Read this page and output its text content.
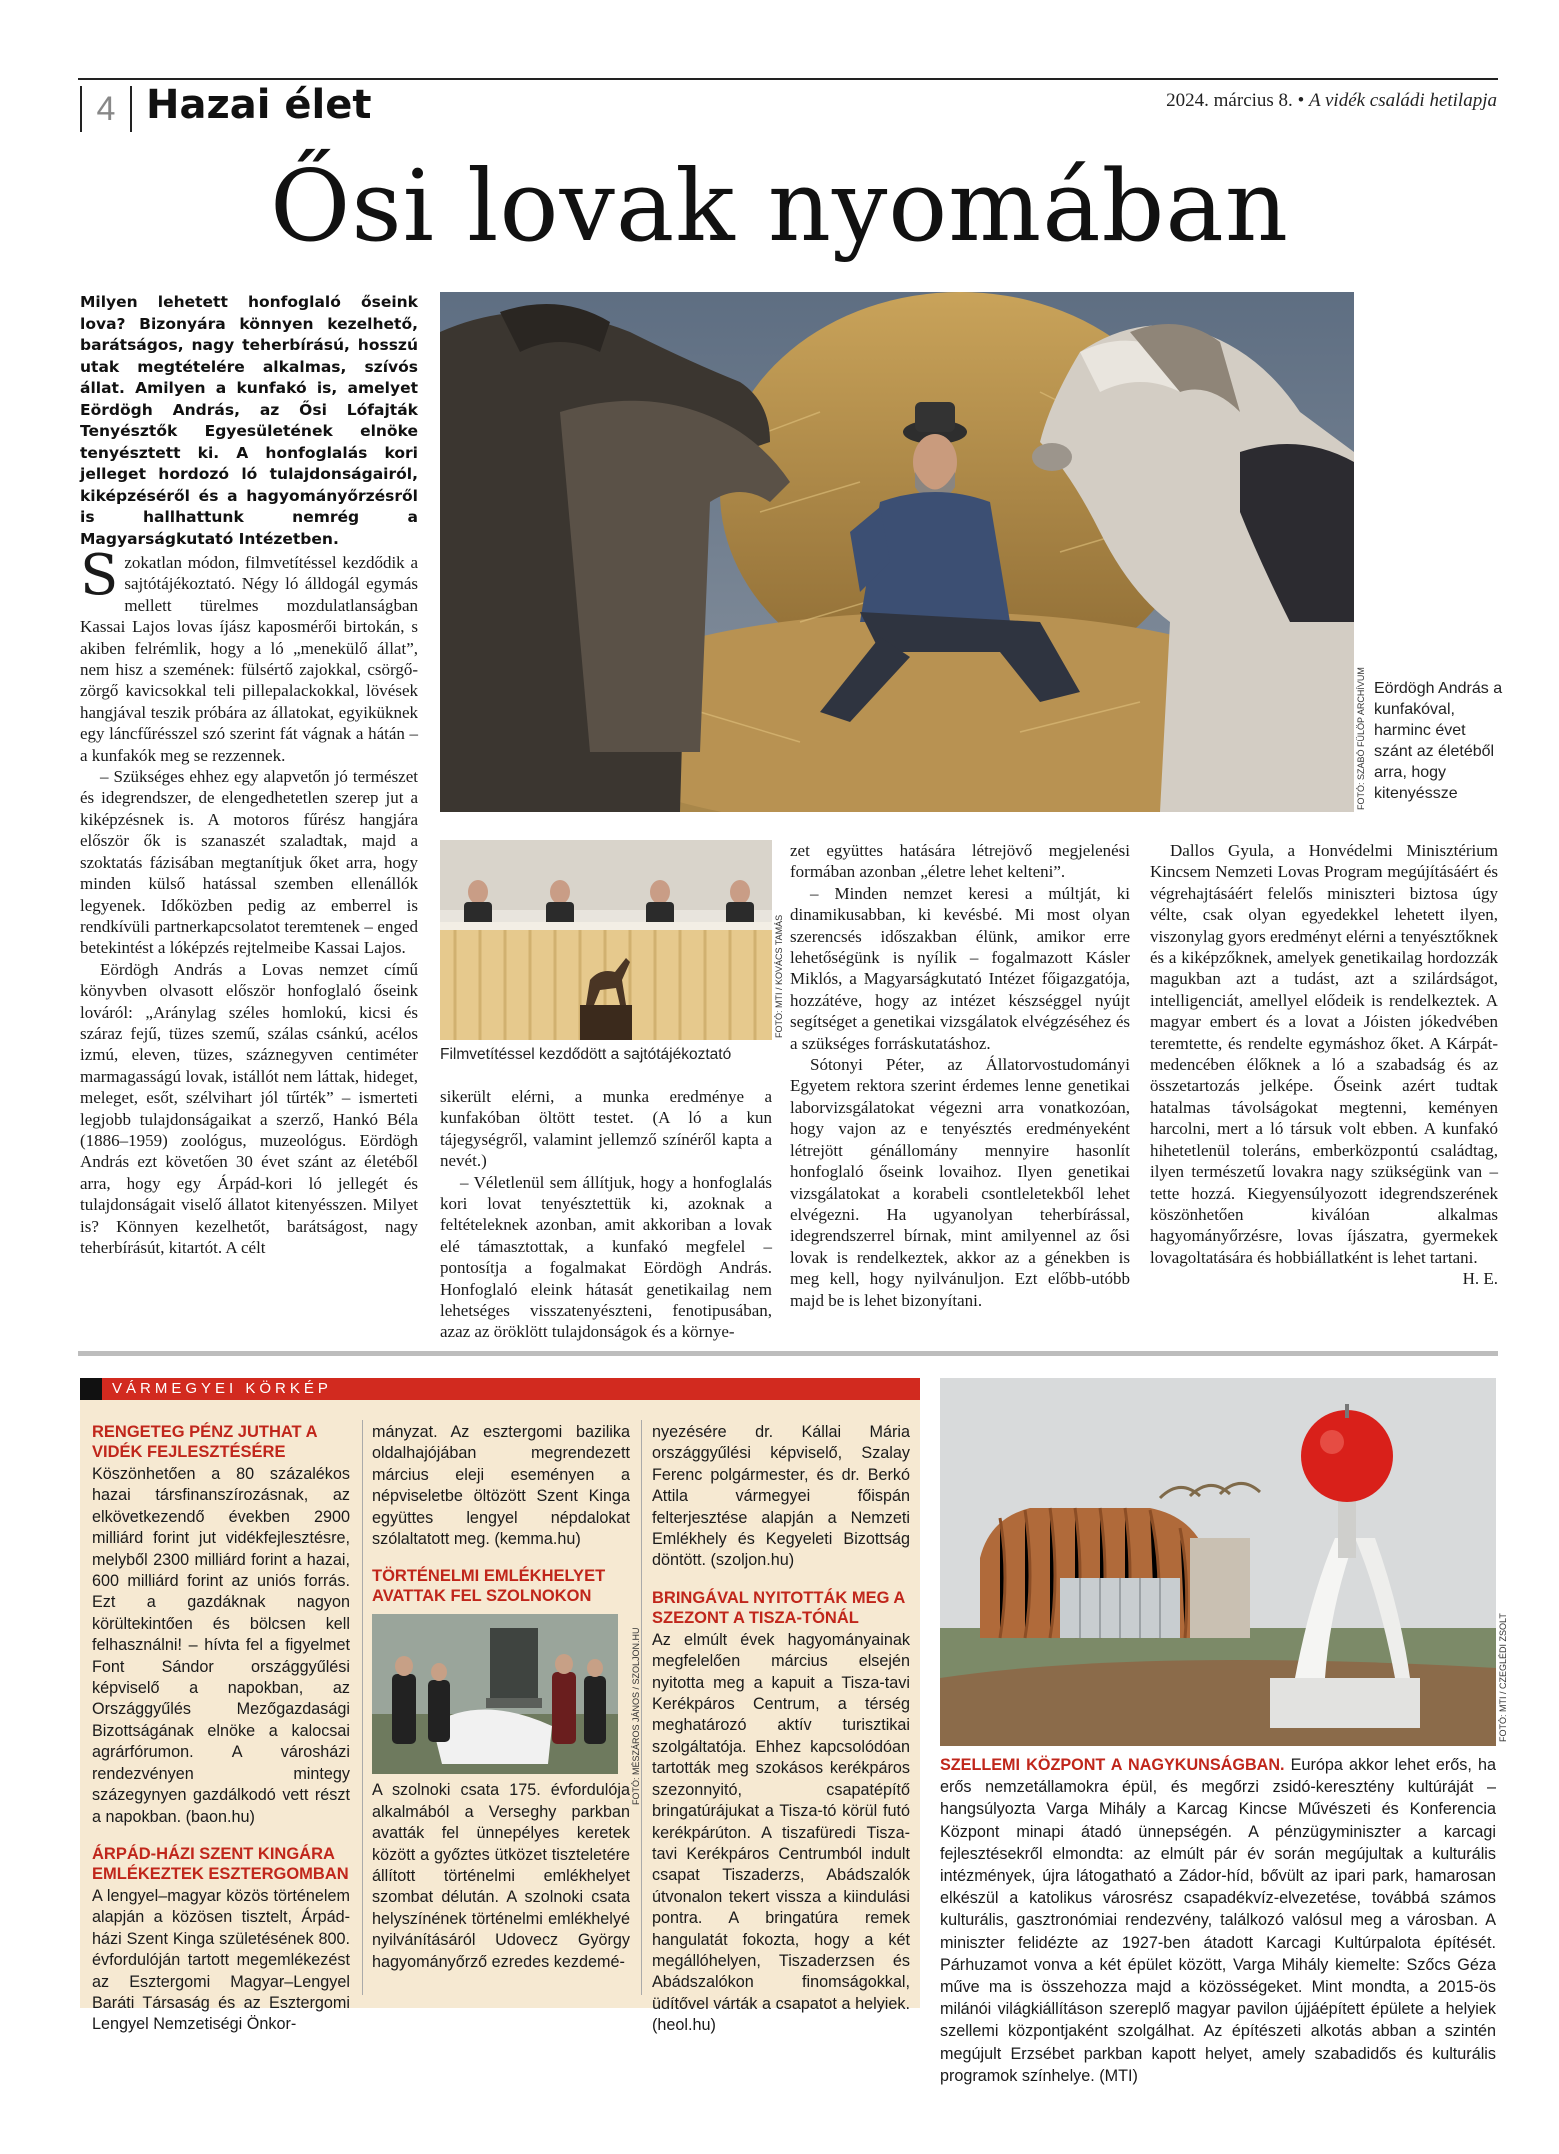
4 Hazai élet	2024. március 8. • A vidék családi hetilapja
Ősi lovak nyomában
Milyen lehetett honfoglaló őseink lova? Bizonyára könnyen kezelhető, barátságos, nagy teherbírású, hosszú utak megtételére alkalmas, szívós állat. Amilyen a kunfakó is, amelyet Eördögh András, az Ősi Lófajták Tenyésztők Egyesületének elnöke tenyésztett ki. A honfoglalás kori jelleget hordozó ló tulajdonságairól, kiképzéséről és a hagyományőrzésről is hallhattunk nemrég a Magyarságkutató Intézetben.
FOTÓ: SZABÓ FÜLÖP ARCHÍVUM Eördögh András a kunfakóval, harminc évet szánt az életéből arra, hogy kitenyéssze
FOTÓ: MTI / KOVÁCS TAMÁS
Filmvetítéssel kezdődött a sajtótájékoztató

Szokatlan módon, filmvetítéssel kezdődik a sajtótájékoztató. Négy ló álldogál egymás mellett türelmes mozdulatlanságban Kassai Lajos lovas íjász kaposmérői birtokán, s akiben felrémlik, hogy a ló „menekülő állat”, nem hisz a szemének: fülsértő zajokkal, csörgő-zörgő kavicsokkal teli pillepalackokkal, lövések hangjával teszik próbára az állatokat, egyiküknek egy láncfűrésszel szó szerint fát vágnak a hátán – a kunfakók meg se rezzennek.

– Szükséges ehhez egy alapvetőn jó természet és idegrendszer, de elengedhetetlen szerep jut a kiképzésnek is. A motoros fűrész hangjára először ők is szanaszét szaladtak, majd a szoktatás fázisában megtanítjuk őket arra, hogy minden külső hatással szemben ellenállók legyenek. Időközben pedig az emberrel is rendkívüli partnerkapcsolatot teremtenek – enged betekintést a lóképzés rejtelmeibe Kassai Lajos.

Eördögh András a Lovas nemzet című könyvben olvasott először honfoglaló őseink lováról: „Aránylag széles homlokú, kicsi és száraz fejű, tüzes szemű, szálas csánkú, acélos izmú, eleven, tüzes, száznegyven centiméter marmagasságú lovak, istállót nem láttak, hideget, meleget, esőt, szélvihart jól tűrték” – ismerteti legjobb tulajdonságaikat a szerző, Hankó Béla (1886–1959) zoológus, muzeológus. Eördögh András ezt követően 30 évet szánt az életéből arra, hogy egy Árpád-kori ló jellegét és tulajdonságait viselő állatot kitenyésszen. Milyet is? Könnyen kezelhetőt, barátságost, nagy teherbírásút, kitartót. A célt

sikerült elérni, a munka eredménye a kunfakóban öltött testet. (A ló a kun tájegységről, valamint jellemző színéről kapta a nevét.)

– Véletlenül sem állítjuk, hogy a honfoglalás kori lovat tenyésztettük ki, azoknak a feltételeknek azonban, amit akkoriban a lovak elé támasztottak, a kunfakó megfelel – pontosítja a fogalmakat Eördögh András. Honfoglaló eleink hátasát genetikailag nem lehetséges visszatenyészteni, fenotipusában, azaz az öröklött tulajdonságok és a környe-

zet együttes hatására létrejövő megjelenési formában azonban „életre lehet kelteni”.

– Minden nemzet keresi a múltját, ki dinamikusabban, ki kevésbé. Mi most olyan szerencsés időszakban élünk, amikor erre lehetőségünk is nyílik – fogalmazott Kásler Miklós, a Magyarságkutató Intézet főigazgatója, hozzátéve, hogy az intézet készséggel nyújt segítséget a genetikai vizsgálatok elvégzéséhez és a szükséges forráskutatáshoz.

Sótonyi Péter, az Állatorvostudományi Egyetem rektora szerint érdemes lenne genetikai laborvizsgálatokat végezni arra vonatkozóan, hogy vajon az e tenyésztés eredményeként létrejött génállomány mennyire hasonlít honfoglaló őseink lovaihoz. Ilyen genetikai vizsgálatokat a korabeli csontleletekből lehet elvégezni. Ha ugyanolyan teherbírással, idegrendszerrel bírnak, mint amilyennel az ősi lovak is rendelkeztek, akkor az a génekben is meg kell, hogy nyilvánuljon. Ezt előbb-utóbb majd be is lehet bizonyítani.

Dallos Gyula, a Honvédelmi Minisztérium Kincsem Nemzeti Lovas Program megújításáért és végrehajtásáért felelős miniszteri biztosa úgy vélte, csak olyan egyedekkel lehetett ilyen, viszonylag gyors eredményt elérni a tenyésztőknek és a kiképzőknek, amelyek genetikailag hordozzák magukban azt a tudást, azt a szilárdságot, intelligenciát, amellyel elődeik is rendelkeztek. A magyar embert és a lovat a Jóisten jókedvében teremtette, és rendelte egymáshoz őket. A Kárpát-medencében élőknek a ló a szabadság és az összetartozás jelképe. Őseink azért tudtak hatalmas távolságokat megtenni, keményen harcolni, mert a ló társuk volt ebben. A kunfakó hihetetlenül toleráns, emberközpontú családtag, ilyen természetű lovakra nagy szükségünk van – tette hozzá. Kiegyensúlyozott idegrendszerének köszönhetően kiválóan alkalmas hagyományőrzésre, lovas íjászatra, gyermekek lovagoltatására és hobbiállatként is lehet tartani.
H. E.

VÁRMEGYEI KÖRKÉP
RENGETEG PÉNZ JUTHAT A VIDÉK FEJLESZTÉSÉRE
Köszönhetően a 80 százalékos hazai társfinanszírozásnak, az elkövetkezendő években 2900 milliárd forint jut vidékfejlesztésre, melyből 2300 milliárd forint a hazai, 600 milliárd forint az uniós forrás. Ezt a gazdáknak nagyon körültekintően és bölcsen kell felhasználni! – hívta fel a figyelmet Font Sándor országgyűlési képviselő a napokban, az Országgyűlés Mezőgazdasági Bizottságának elnöke a kalocsai agrárfórumon. A városházi rendezvényen mintegy százegynyen gazdálkodó vett részt a napokban. (baon.hu)
ÁRPÁD-HÁZI SZENT KINGÁRA EMLÉKEZTEK ESZTERGOMBAN
A lengyel–magyar közös történelem alapján a közösen tisztelt, Árpád-házi Szent Kinga születésének 800. évfordulóján tartott megemlékezést az Esztergomi Magyar–Lengyel Baráti Társaság és az Esztergomi Lengyel Nemzetiségi Önkor-
mányzat. Az esztergomi bazilika oldalhajójában megrendezett március eleji eseményen a népviseletbe öltözött Szent Kinga együttes lengyel népdalokat szólaltatott meg. (kemma.hu)
TÖRTÉNELMI EMLÉKHELYET AVATTAK FEL SZOLNOKON
A szolnoki csata 175. évfordulója alkalmából a Verseghy parkban avatták fel ünnepélyes keretek között a győztes ütközet tiszteletére állított történelmi emlékhelyet szombat délután. A szolnoki csata helyszínének történelmi emlékhelyé nyilvánításáról Udovecz György hagyományőrző ezredes kezdemé-
FOTÓ: MÉSZÁROS JÁNOS / SZOLJON.HU
nyezésére dr. Kállai Mária országgyűlési képviselő, Szalay Ferenc polgármester, és dr. Berkó Attila vármegyei főispán felterjesztése alapján a Nemzeti Emlékhely és Kegyeleti Bizottság döntött. (szoljon.hu)
BRINGÁVAL NYITOTTÁK MEG A SZEZONT A TISZA-TÓNÁL
Az elmúlt évek hagyományainak megfelelően március elsején nyitotta meg a kapuit a Tisza-tavi Kerékpáros Centrum, a térség meghatározó aktív turisztikai szolgáltatója. Ehhez kapcsolódóan tartották meg szokásos kerékpáros szezonnyitó, csapatépítő bringatúrájukat a Tisza-tó körül futó kerékpárúton. A tiszafüredi Tisza-tavi Kerékpáros Centrumból indult csapat Tiszaderzs, Abádszalók útvonalon tekert vissza a kiindulási pontra. A bringatúra remek hangulatát fokozta, hogy a két megállóhelyen, Tiszaderzsen és Abádszalókon finomságokkal, üdítővel várták a csapatot a helyiek. (heol.hu)
FOTÓ: MTI / CZEGLÉDI ZSOLT
SZELLEMI KÖZPONT A NAGYKUNSÁGBAN. Európa akkor lehet erős, ha erős nemzetállamokra épül, és megőrzi zsidó-keresztény kultúráját – hangsúlyozta Varga Mihály a Karcag Kincse Művészeti és Konferencia Központ minapi átadó ünnepségén. A pénzügyminiszter a karcagi fejlesztésekről elmondta: az elmúlt pár év során megújultak a kulturális intézmények, újra látogatható a Zádor-híd, bővült az ipari park, hamarosan elkészül a katolikus városrész csapadékvíz-elvezetése, továbbá számos kulturális, gasztronómiai rendezvény, találkozó valósul meg a városban. A miniszter felidézte az 1927-ben átadott Karcagi Kultúrpalota építését. Párhuzamot vonva a két épület között, Varga Mihály kiemelte: Szőcs Géza műve ma is összehozza majd a közösségeket. Mint mondta, a 2015-ös milánói világkiállításon szereplő magyar pavilon újjáépített épülete a helyiek szellemi központjaként szolgálhat. Az építészeti alkotás abban a szintén megújult Erzsébet parkban kapott helyet, amely szabadidős és kulturális programok színhelye. (MTI)
